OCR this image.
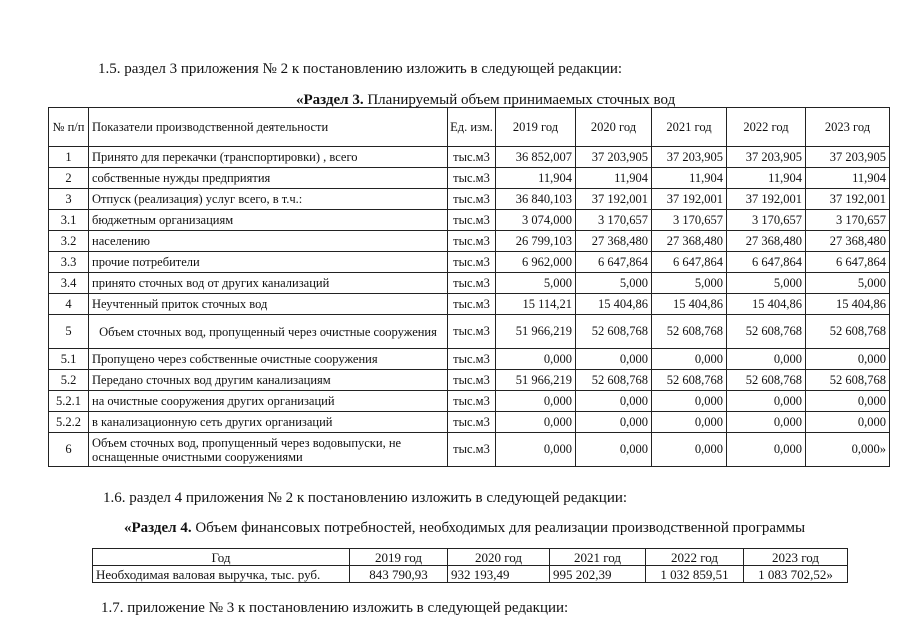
1.5. раздел 3 приложения № 2 к постановлению изложить в следующей редакции:
«Раздел 3. Планируемый объем принимаемых сточных вод
№ п/п	Показатели производственной деятельности	Ед. изм.	2019 год	2020 год	2021 год	2022 год	2023 год
1	Принято для перекачки (транспортировки) , всего	тыс.м3	36 852,007	37 203,905	37 203,905	37 203,905	37 203,905
2	собственные нужды предприятия	тыс.м3	11,904	11,904	11,904	11,904	11,904
3	Отпуск (реализация) услуг всего, в т.ч.:	тыс.м3	36 840,103	37 192,001	37 192,001	37 192,001	37 192,001
3.1	бюджетным организациям	тыс.м3	3 074,000	3 170,657	3 170,657	3 170,657	3 170,657
3.2	населению	тыс.м3	26 799,103	27 368,480	27 368,480	27 368,480	27 368,480
3.3	прочие потребители	тыс.м3	6 962,000	6 647,864	6 647,864	6 647,864	6 647,864
3.4	принято сточных вод от других канализаций	тыс.м3	5,000	5,000	5,000	5,000	5,000
4	Неучтенный приток сточных вод	тыс.м3	15 114,21	15 404,86	15 404,86	15 404,86	15 404,86
5	Объем сточных вод, пропущенный через очистные сооружения	тыс.м3	51 966,219	52 608,768	52 608,768	52 608,768	52 608,768
5.1	Пропущено через собственные очистные сооружения	тыс.м3	0,000	0,000	0,000	0,000	0,000
5.2	Передано сточных вод другим канализациям	тыс.м3	51 966,219	52 608,768	52 608,768	52 608,768	52 608,768
5.2.1	на очистные сооружения других организаций	тыс.м3	0,000	0,000	0,000	0,000	0,000
5.2.2	в канализационную сеть других организаций	тыс.м3	0,000	0,000	0,000	0,000	0,000
6	Объем сточных вод, пропущенный через водовыпуски, не оснащенные очистными сооружениями	тыс.м3	0,000	0,000	0,000	0,000	0,000»
1.6. раздел 4 приложения № 2 к постановлению изложить в следующей редакции:
«Раздел 4. Объем финансовых потребностей, необходимых для реализации производственной программы
Год	2019 год	2020 год	2021 год	2022 год	2023 год
Необходимая валовая выручка, тыс. руб.	843 790,93	932 193,49	995 202,39	1 032 859,51	1 083 702,52»
1.7. приложение № 3 к постановлению изложить в следующей редакции:
